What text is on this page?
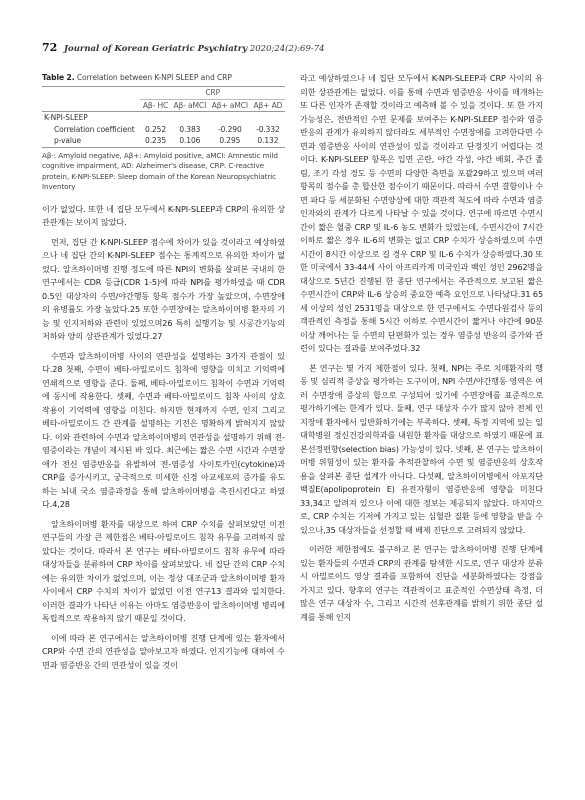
72 Journal of Korean Geriatric Psychiatry 2020;24(2):69-74
Table 2. Correlation between K-NPI SLEEP and CRP
	CRP			
	Aβ- HC	Aβ- aMCI	Aβ+ aMCI	Aβ+ AD
K-NPI-SLEEP				
Correlation coefficient	0.252	0.383	-0.290	-0.332
p-value	0.235	0.106	0.295	0.132
Aβ-: Amyloid negative, Aβ+: Amyloid positive, aMCI: Amnestic mild cognitive impairment, AD: Alzheimer's disease, CRP: C-reactive protein, K-NPI-SLEEP: Sleep domain of the Korean Neuropsychiatric Inventory

이가 없었다. 또한 네 집단 모두에서 K-NPI-SLEEP과 CRP의 유의한 상관관계는 보이지 않았다.

먼저, 집단 간 K-NPI-SLEEP 점수에 차이가 있을 것이라고 예상하였으나 네 집단 간의 K-NPI-SLEEP 점수는 통계적으로 유의한 차이가 없었다. 알츠하이머병 진행 정도에 따른 NPI의 변화를 살펴본 국내의 한 연구에서는 CDR 등급(CDR 1-5)에 따라 NPI를 평가하였을 때 CDR 0.5인 대상자의 수면/야간행동 항목 점수가 가장 높았으며, 수면장애의 유병률도 가장 높았다.25 또한 수면장애는 알츠하이머병 환자의 기능 및 인지저하와 관련이 있었으며26 특히 실행기능 및 시공간기능의 저하와 양의 상관관계가 있었다.27

수면과 알츠하이머병 사이의 연관성을 설명하는 3가지 관점이 있다.28 첫째, 수면이 베타-아밀로이드 침착에 영향을 미치고 기억력에 연쇄적으로 영향을 준다. 둘째, 베타-아밀로이드 침착이 수면과 기억력에 동시에 작용한다. 셋째, 수면과 베타-아밀로이드 침착 사이의 상호작용이 기억력에 영향을 미친다. 하지만 현재까지 수면, 인지 그리고 베타-아밀로이드 간 관계를 설명하는 기전은 명확하게 밝혀지지 않았다. 이와 관련하여 수면과 알츠하이머병의 연관성을 설명하기 위해 전-염증이라는 개념이 제시된 바 있다. 최근에는 짧은 수면 시간과 수면장애가 전신 염증반응을 유발하여 전-염증성 사이토카인(cytokine)과 CRP를 증가시키고, 궁극적으로 미세한 신경 아교세포의 증가를 유도하는 뇌내 국소 염증과정을 통해 알츠하이머병을 촉진시킨다고 하였다.4,28

알츠하이머병 환자를 대상으로 하여 CRP 수치를 살펴보았던 이전 연구들의 가장 큰 제한점은 베타-아밀로이드 침착 유무를 고려하지 않았다는 것이다. 따라서 본 연구는 베타-아밀로이드 침착 유무에 따라 대상자들을 분류하여 CRP 차이를 살펴보았다. 네 집단 간의 CRP 수치에는 유의한 차이가 없었으며, 이는 정상 대조군과 알츠하이머병 환자 사이에서 CRP 수치의 차이가 없었던 이전 연구13 결과와 일치한다. 이러한 결과가 나타난 이유는 아마도 염증반응이 알츠하이머병 병리에 독립적으로 작용하지 않기 때문일 것이다.

이에 따라 본 연구에서는 알츠하이머병 진행 단계에 있는 환자에서 CRP와 수면 간의 연관성을 알아보고자 하였다. 인지기능에 대하여 수면과 염증반응 간의 연관성이 있을 것이

라고 예상하였으나 네 집단 모두에서 K-NPI-SLEEP과 CRP 사이의 유의한 상관관계는 없었다. 이를 통해 수면과 염증반응 사이를 매개하는 또 다른 인자가 존재할 것이라고 예측해 볼 수 있을 것이다. 또 한 가지 가능성은, 전반적인 수면 문제를 보여주는 K-NPI-SLEEP 점수와 염증반응의 관계가 유의하지 않더라도 세부적인 수면장애를 고려한다면 수면과 염증반응 사이의 연관성이 있을 것이라고 단정짓기 어렵다는 것이다. K-NPI-SLEEP 항목은 입면 곤란, 야간 각성, 야간 배회, 주간 졸림, 조기 각성 경도 등 수면의 다양한 측면을 포괄29하고 있으며 여러 항목의 점수를 총 합산한 점수이기 때문이다. 따라서 수면 결함이나 수면 파다 등 세분화된 수면양상에 대한 객관적 척도에 따라 수면과 염증인자와의 관계가 다르게 나타날 수 있을 것이다. 연구에 따르면 수면시간이 짧은 혈중 CRP 및 IL-6 농도 변화가 있었는데, 수면시간이 7시간 이하로 짧은 경우 IL-6의 변화는 없고 CRP 수치가 상승하였으며 수면시간이 8시간 이상으로 길 경우 CRP 및 IL-6 수치가 상승하였다.30 또한 미국에서 33-44세 사이 아프리카계 미국인과 백인 성인 2962명을 대상으로 5년간 진행된 한 종단 연구에서는 주관적으로 보고된 짧은 수면시간이 CRP와 IL-6 상승의 중요한 예측 요인으로 나타났다.31 65세 이상의 성인 2531명을 대상으로 한 연구에서도 수면다원검사 등의 객관적인 측정을 통해 5시간 이하로 수면시간이 짧거나 야간에 90분 이상 깨어나는 등 수면의 단편화가 있는 경우 염증성 반응의 증가와 관련이 있다는 결과를 보여주었다.32

본 연구는 몇 가지 제한점이 있다. 첫째, NPI는 주로 치매환자의 행동 및 심리적 증상을 평가하는 도구이며, NPI 수면/야간행동 영역은 여러 수면장애 증상의 합으로 구성되어 있기에 수면장애를 표준적으로 평가하기에는 한계가 있다. 둘째, 연구 대상자 수가 많지 않아 전체 인지장애 환자에서 일반화하기에는 부족하다. 셋째, 특정 지역에 있는 일 대학병원 정신건강의학과를 내원한 환자를 대상으로 하였기 때문에 표본선정편향(selection bias) 가능성이 있다. 넷째, 본 연구는 알츠하이머병 위험성이 있는 환자를 추적관찰하여 수면 및 염증반응의 상호작용을 살펴본 종단 설계가 아니다. 다섯째, 알츠하이머병에서 아포지단백질E(apolipoprotein E) 유전자형이 염증반응에 영향을 미친다33,34고 알려져 있으나 이에 대한 정보는 제공되지 않았다. 마지막으로, CRP 수치는 기저에 가지고 있는 심혈관 질환 등에 영향을 받을 수 있으나,35 대상자들을 선정할 때 배제 진단으로 고려되지 않았다.

이러한 제한점에도 불구하고 본 연구는 알츠하이머병 진행 단계에 있는 환자들의 수면과 CRP의 관계를 탐색한 시도로, 연구 대상자 분류 시 아밀로이드 영상 결과를 포함하여 진단을 세분화하였다는 강점을 가지고 있다. 향후의 연구는 객관적이고 표준적인 수면상태 측정, 더 많은 연구 대상자 수, 그리고 시간적 선후관계를 밝히기 위한 종단 설계를 통해 인지
